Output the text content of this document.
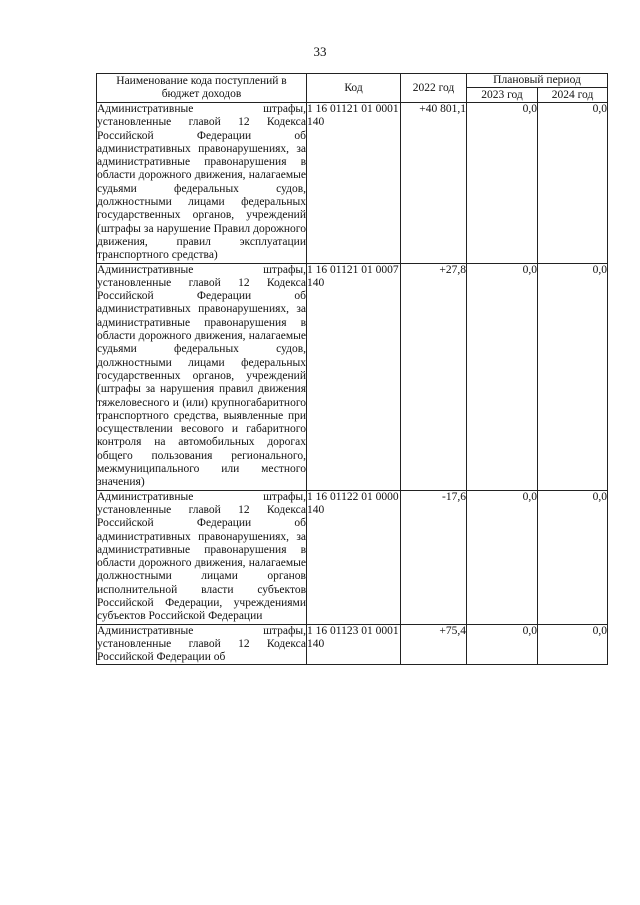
33
Наименование кода поступлений в бюджет доходов	Код	2022 год	Плановый период	
			2023 год	2024 год
Административные штрафы, установленные главой 12 Кодекса Российской Федерации об административных правонарушениях, за административные правонарушения в области дорожного движения, налагаемые судьями федеральных судов, должностными лицами федеральных государственных органов, учреждений (штрафы за нарушение Правил дорожного движения, правил эксплуатации транспортного средства)	1 16 01121 01 0001 140	+40 801,1	0,0	0,0
Административные штрафы, установленные главой 12 Кодекса Российской Федерации об административных правонарушениях, за административные правонарушения в области дорожного движения, налагаемые судьями федеральных судов, должностными лицами федеральных государственных органов, учреждений (штрафы за нарушения правил движения тяжеловесного и (или) крупногабаритного транспортного средства, выявленные при осуществлении весового и габаритного контроля на автомобильных дорогах общего пользования регионального, межмуниципального или местного значения)	1 16 01121 01 0007 140	+27,8	0,0	0,0
Административные штрафы, установленные главой 12 Кодекса Российской Федерации об административных правонарушениях, за административные правонарушения в области дорожного движения, налагаемые должностными лицами органов исполнительной власти субъектов Российской Федерации, учреждениями субъектов Российской Федерации	1 16 01122 01 0000 140	-17,6	0,0	0,0
Административные штрафы, установленные главой 12 Кодекса Российской Федерации об	1 16 01123 01 0001 140	+75,4	0,0	0,0
